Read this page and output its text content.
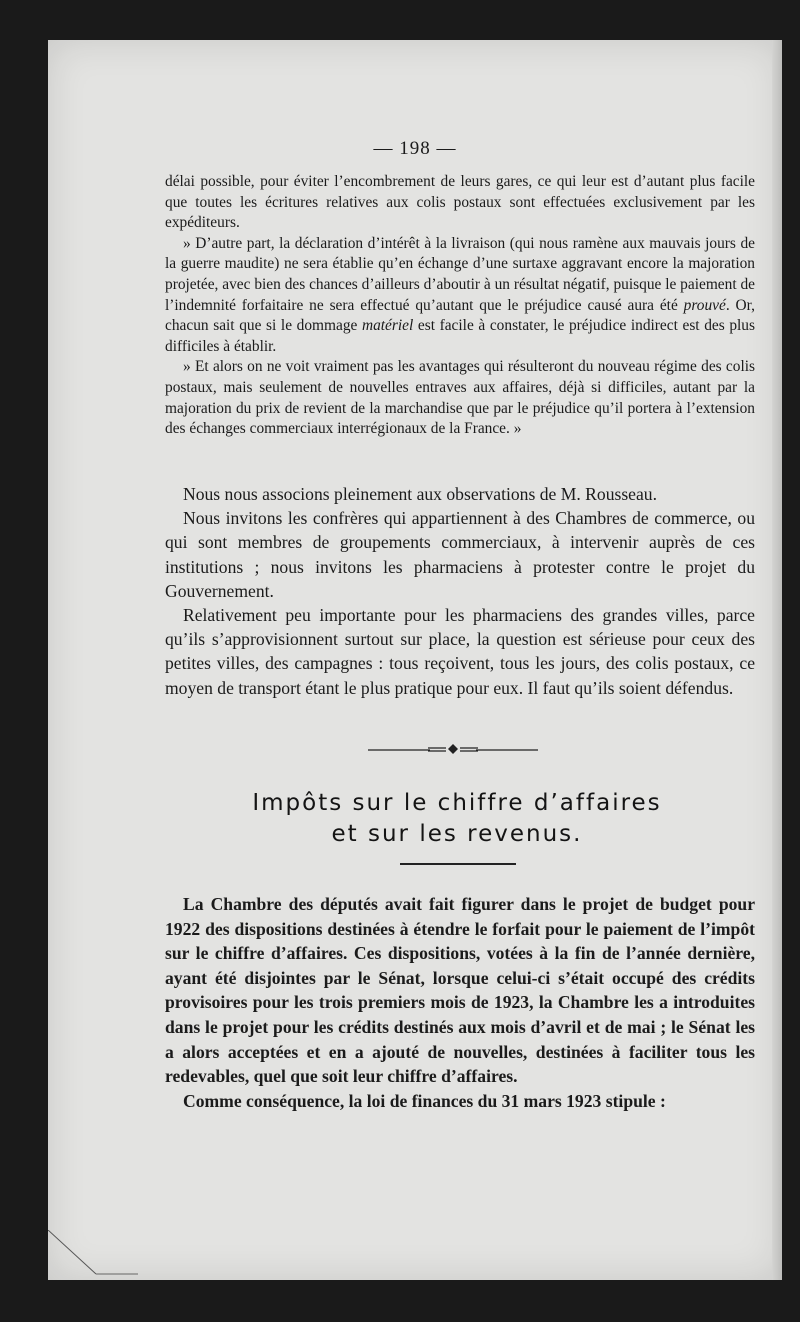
— 198 —

délai possible, pour éviter l’encombrement de leurs gares, ce qui leur est d’autant plus facile que toutes les écritures relatives aux colis postaux sont effectuées exclusivement par les expéditeurs.

» D’autre part, la déclaration d’intérêt à la livraison (qui nous ramène aux mauvais jours de la guerre maudite) ne sera établie qu’en échange d’une surtaxe aggravant encore la majoration projetée, avec bien des chances d’ailleurs d’aboutir à un résultat négatif, puisque le paiement de l’indemnité forfaitaire ne sera effectué qu’autant que le préjudice causé aura été prouvé. Or, chacun sait que si le dommage matériel est facile à constater, le préjudice indirect est des plus difficiles à établir.

» Et alors on ne voit vraiment pas les avantages qui résulteront du nouveau régime des colis postaux, mais seulement de nouvelles entraves aux affaires, déjà si difficiles, autant par la majoration du prix de revient de la marchandise que par le préjudice qu’il portera à l’extension des échanges commerciaux interrégionaux de la France. »

Nous nous associons pleinement aux observations de M. Rousseau.

Nous invitons les confrères qui appartiennent à des Chambres de commerce, ou qui sont membres de groupements commerciaux, à intervenir auprès de ces institutions ; nous invitons les pharmaciens à protester contre le projet du Gouvernement.

Relativement peu importante pour les pharmaciens des grandes villes, parce qu’ils s’approvisionnent surtout sur place, la question est sérieuse pour ceux des petites villes, des campagnes : tous reçoivent, tous les jours, des colis postaux, ce moyen de transport étant le plus pratique pour eux. Il faut qu’ils soient défendus.

Impôts sur le chiffre d’affaires
et sur les revenus.

La Chambre des députés avait fait figurer dans le projet de budget pour 1922 des dispositions destinées à étendre le forfait pour le paiement de l’impôt sur le chiffre d’affaires. Ces dispositions, votées à la fin de l’année dernière, ayant été disjointes par le Sénat, lorsque celui-ci s’était occupé des crédits provisoires pour les trois premiers mois de 1923, la Chambre les a introduites dans le projet pour les crédits destinés aux mois d’avril et de mai ; le Sénat les a alors acceptées et en a ajouté de nouvelles, destinées à faciliter tous les redevables, quel que soit leur chiffre d’affaires.

Comme conséquence, la loi de finances du 31 mars 1923 stipule :
